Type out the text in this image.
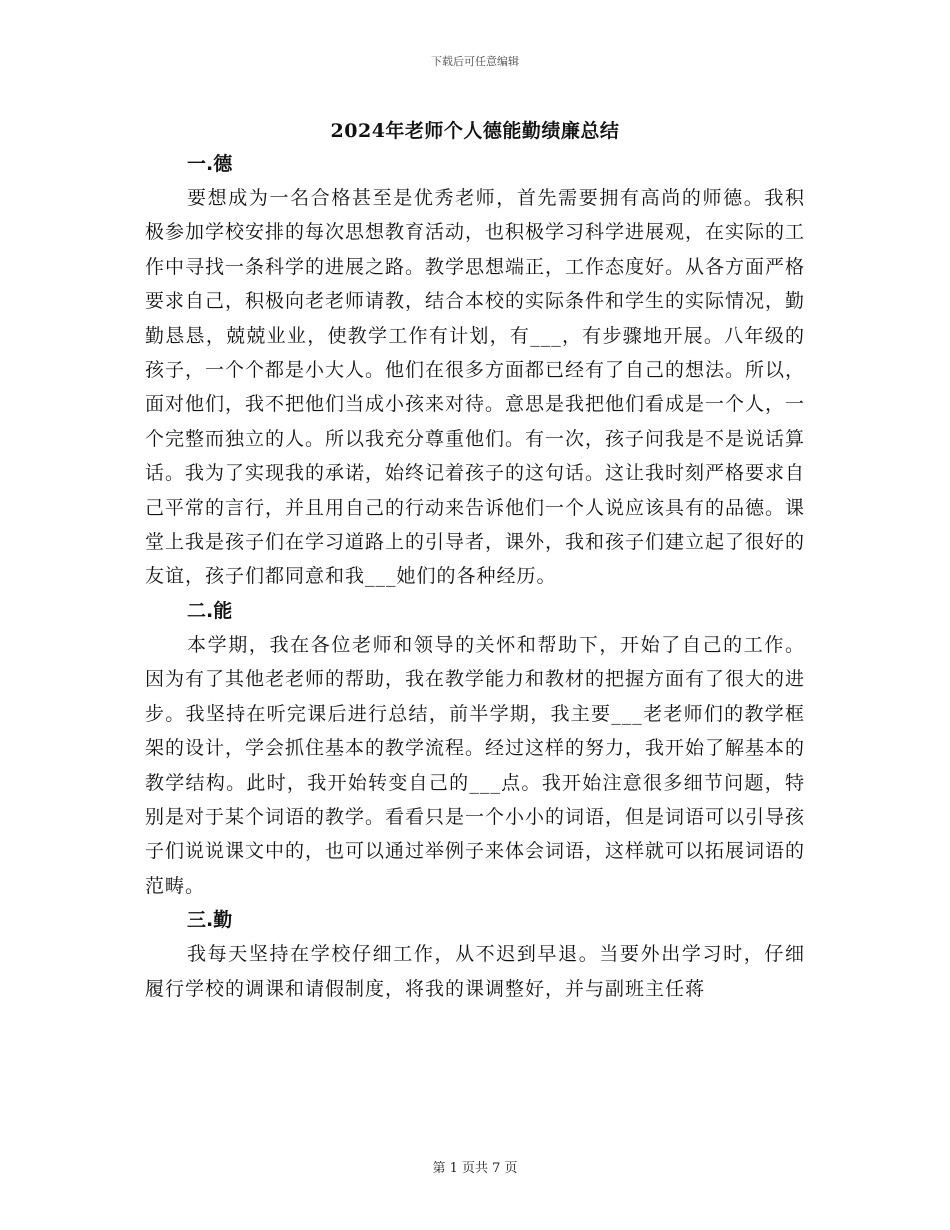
下载后可任意编辑
2024年老师个人德能勤绩廉总结
一.德

要想成为一名合格甚至是优秀老师，首先需要拥有高尚的师德。我积极参加学校安排的每次思想教育活动，也积极学习科学进展观，在实际的工作中寻找一条科学的进展之路。教学思想端正，工作态度好。从各方面严格要求自己，积极向老老师请教，结合本校的实际条件和学生的实际情况，勤勤恳恳，兢兢业业，使教学工作有计划，有___，有步骤地开展。八年级的孩子，一个个都是小大人。他们在很多方面都已经有了自己的想法。所以，面对他们，我不把他们当成小孩来对待。意思是我把他们看成是一个人，一个完整而独立的人。所以我充分尊重他们。有一次，孩子问我是不是说话算话。我为了实现我的承诺，始终记着孩子的这句话。这让我时刻严格要求自己平常的言行，并且用自己的行动来告诉他们一个人说应该具有的品德。课堂上我是孩子们在学习道路上的引导者，课外，我和孩子们建立起了很好的友谊，孩子们都同意和我___她们的各种经历。

二.能

本学期，我在各位老师和领导的关怀和帮助下，开始了自己的工作。因为有了其他老老师的帮助，我在教学能力和教材的把握方面有了很大的进步。我坚持在听完课后进行总结，前半学期，我主要___老老师们的教学框架的设计，学会抓住基本的教学流程。经过这样的努力，我开始了解基本的教学结构。此时，我开始转变自己的___点。我开始注意很多细节问题，特别是对于某个词语的教学。看看只是一个小小的词语，但是词语可以引导孩子们说说课文中的，也可以通过举例子来体会词语，这样就可以拓展词语的范畴。

三.勤

我每天坚持在学校仔细工作，从不迟到早退。当要外出学习时，仔细履行学校的调课和请假制度，将我的课调整好，并与副班主任蒋

第 1 页共 7 页
